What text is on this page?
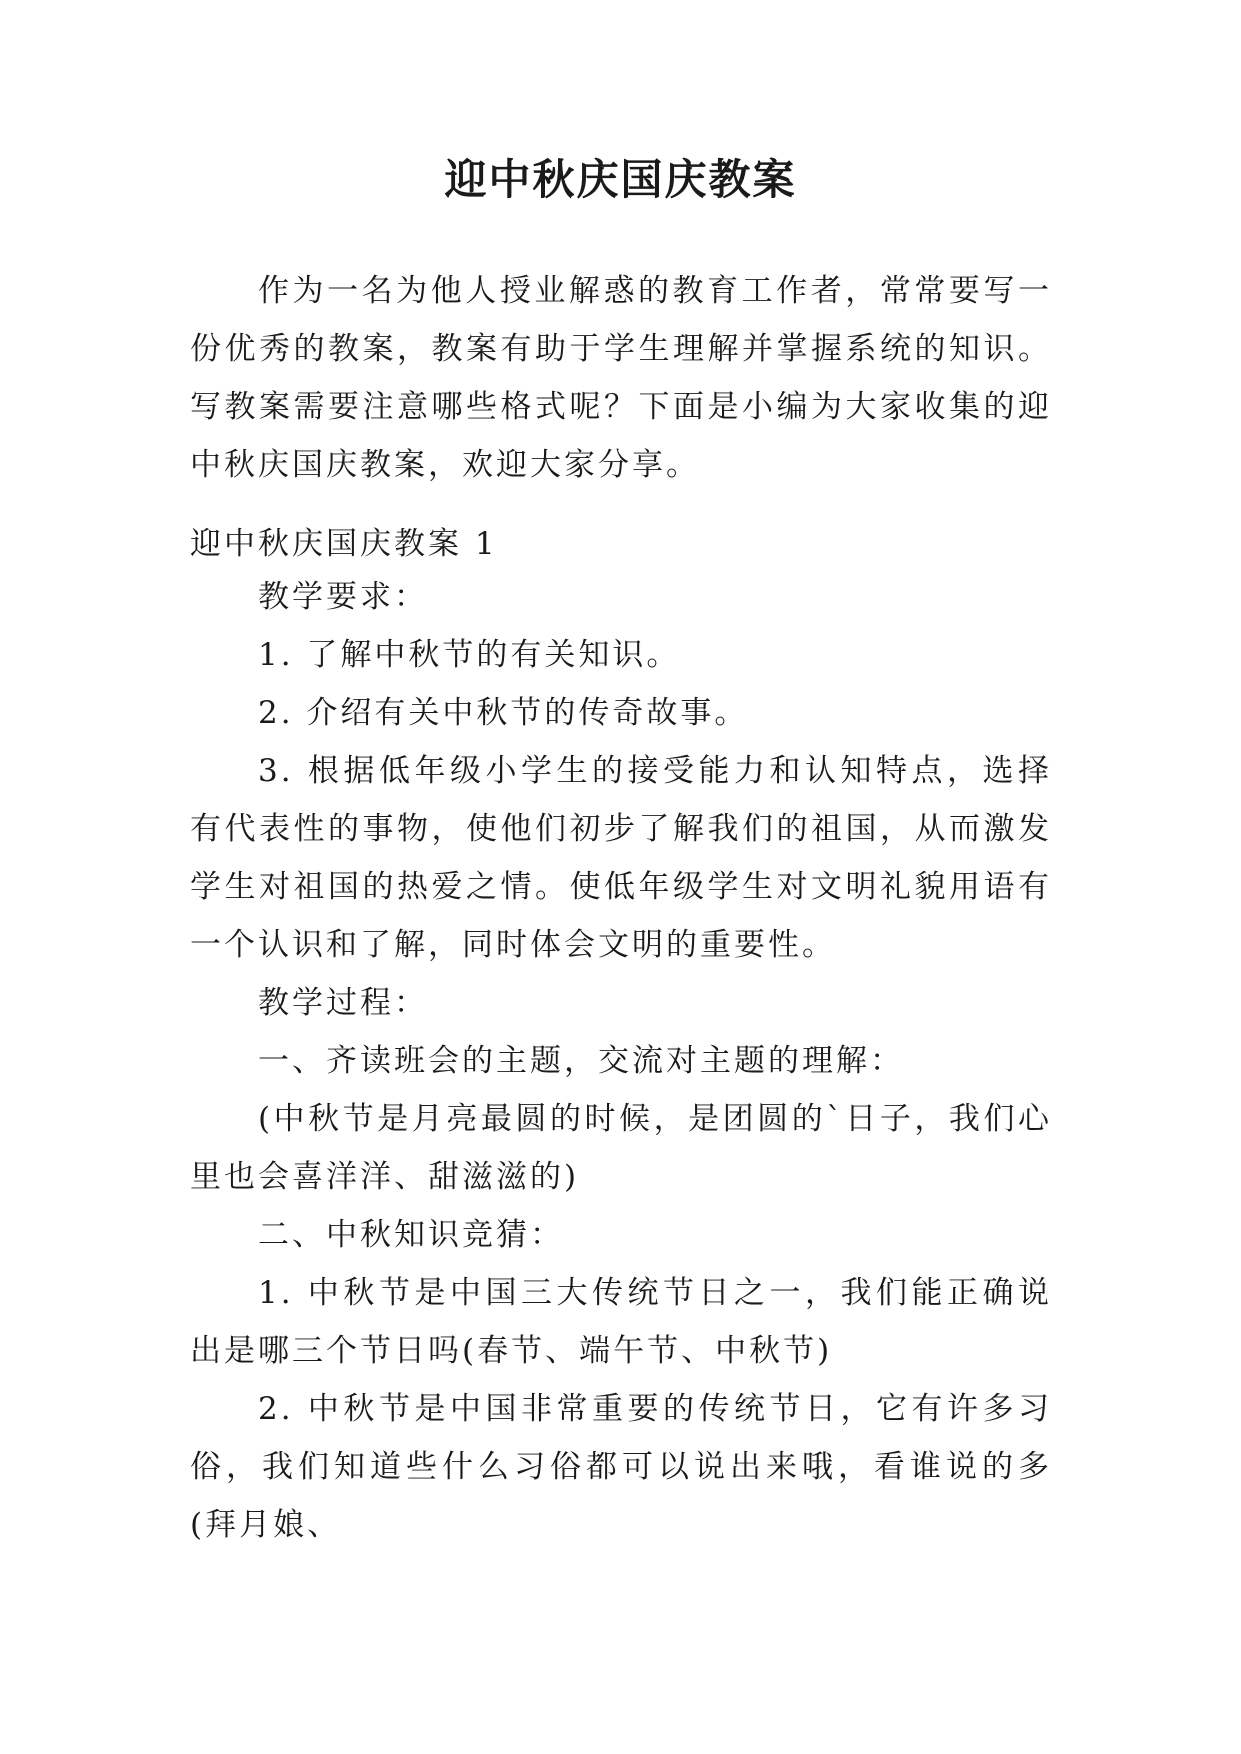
迎中秋庆国庆教案

作为一名为他人授业解惑的教育工作者，常常要写一份优秀的教案，教案有助于学生理解并掌握系统的知识。写教案需要注意哪些格式呢？下面是小编为大家收集的迎中秋庆国庆教案，欢迎大家分享。

迎中秋庆国庆教案 1

教学要求：

1. 了解中秋节的有关知识。

2. 介绍有关中秋节的传奇故事。

3. 根据低年级小学生的接受能力和认知特点，选择有代表性的事物，使他们初步了解我们的祖国，从而激发学生对祖国的热爱之情。使低年级学生对文明礼貌用语有一个认识和了解，同时体会文明的重要性。

教学过程：

一、齐读班会的主题，交流对主题的理解：

(中秋节是月亮最圆的时候，是团圆的`日子，我们心里也会喜洋洋、甜滋滋的)

二、中秋知识竞猜：

1. 中秋节是中国三大传统节日之一，我们能正确说出是哪三个节日吗(春节、端午节、中秋节)

2. 中秋节是中国非常重要的传统节日，它有许多习俗，我们知道些什么习俗都可以说出来哦，看谁说的多(拜月娘、
